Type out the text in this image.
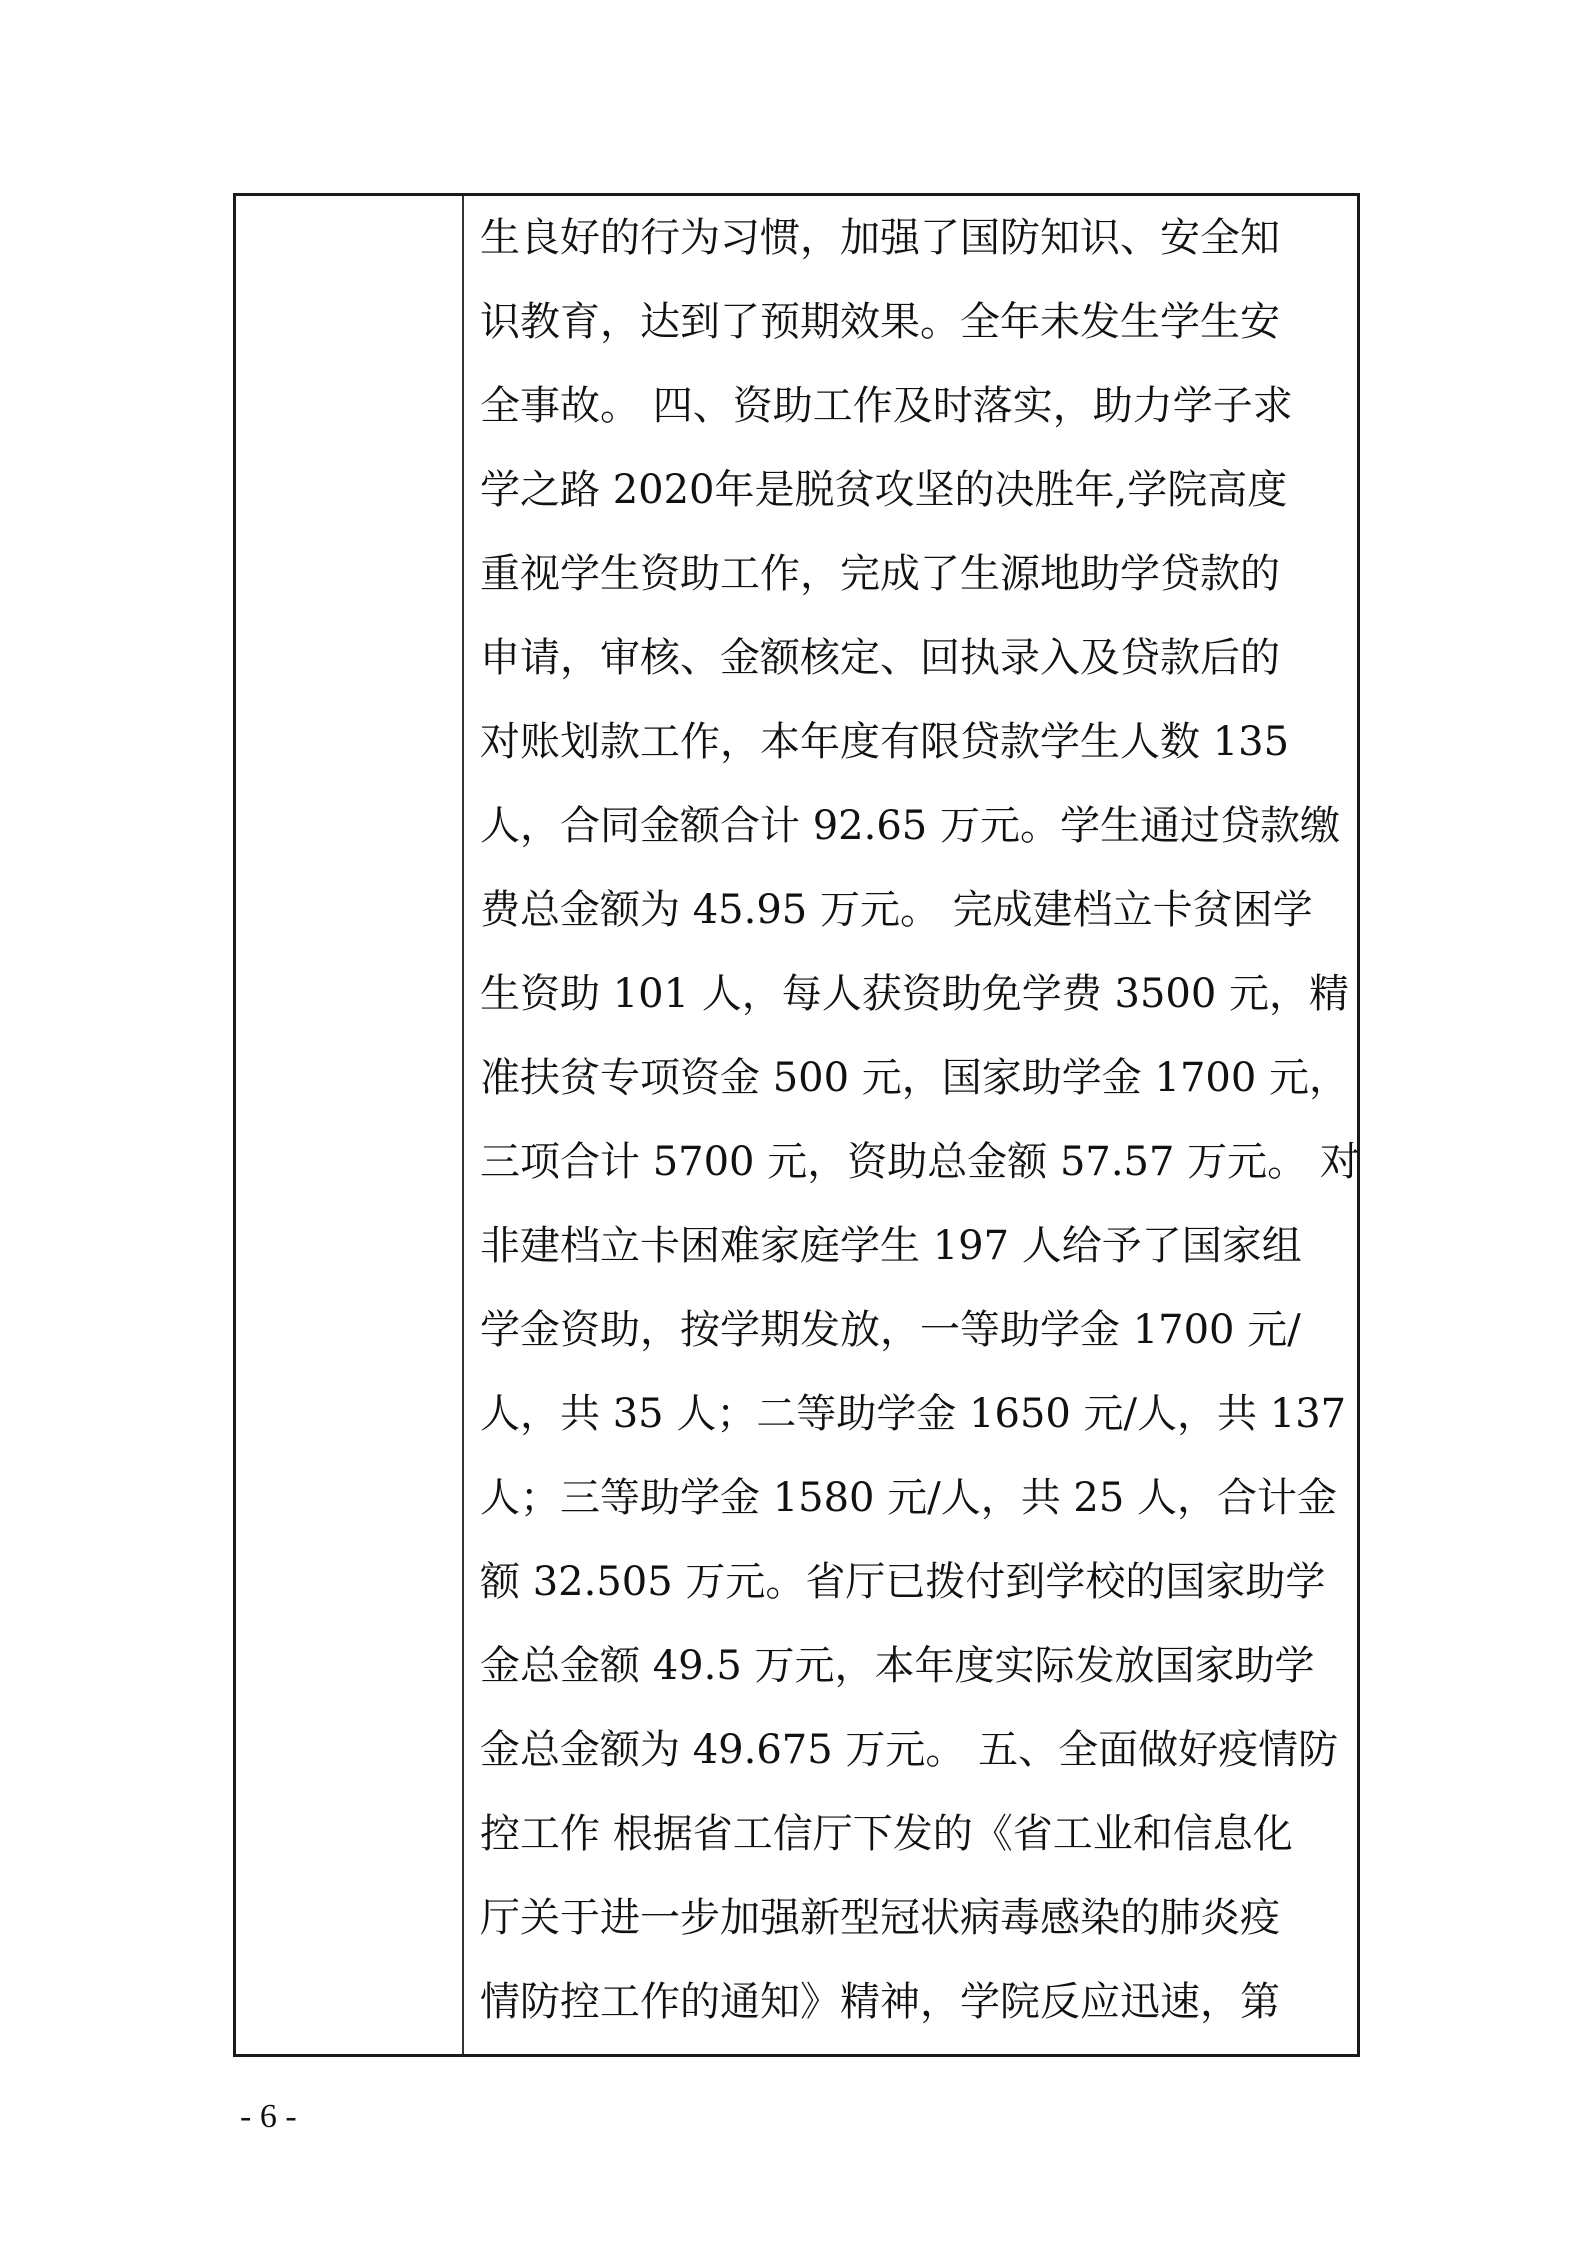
生良好的行为习惯，加强了国防知识、安全知
识教育，达到了预期效果。全年未发生学生安
全事故。 四、资助工作及时落实，助力学子求
学之路 2020年是脱贫攻坚的决胜年,学院高度
重视学生资助工作，完成了生源地助学贷款的
申请，审核、金额核定、回执录入及贷款后的
对账划款工作，本年度有限贷款学生人数 135
人，合同金额合计 92.65 万元。学生通过贷款缴
费总金额为 45.95 万元。 完成建档立卡贫困学
生资助 101 人，每人获资助免学费 3500 元，精
准扶贫专项资金 500 元，国家助学金 1700 元，
三项合计 5700 元，资助总金额 57.57 万元。 对
非建档立卡困难家庭学生 197 人给予了国家组
学金资助，按学期发放，一等助学金 1700 元/
人，共 35 人；二等助学金 1650 元/人，共 137
人；三等助学金 1580 元/人，共 25 人，合计金
额 32.505 万元。省厅已拨付到学校的国家助学
金总金额 49.5 万元，本年度实际发放国家助学
金总金额为 49.675 万元。 五、全面做好疫情防
控工作 根据省工信厅下发的《省工业和信息化
厅关于进一步加强新型冠状病毒感染的肺炎疫
情防控工作的通知》精神，学院反应迅速，第
- 6 -
